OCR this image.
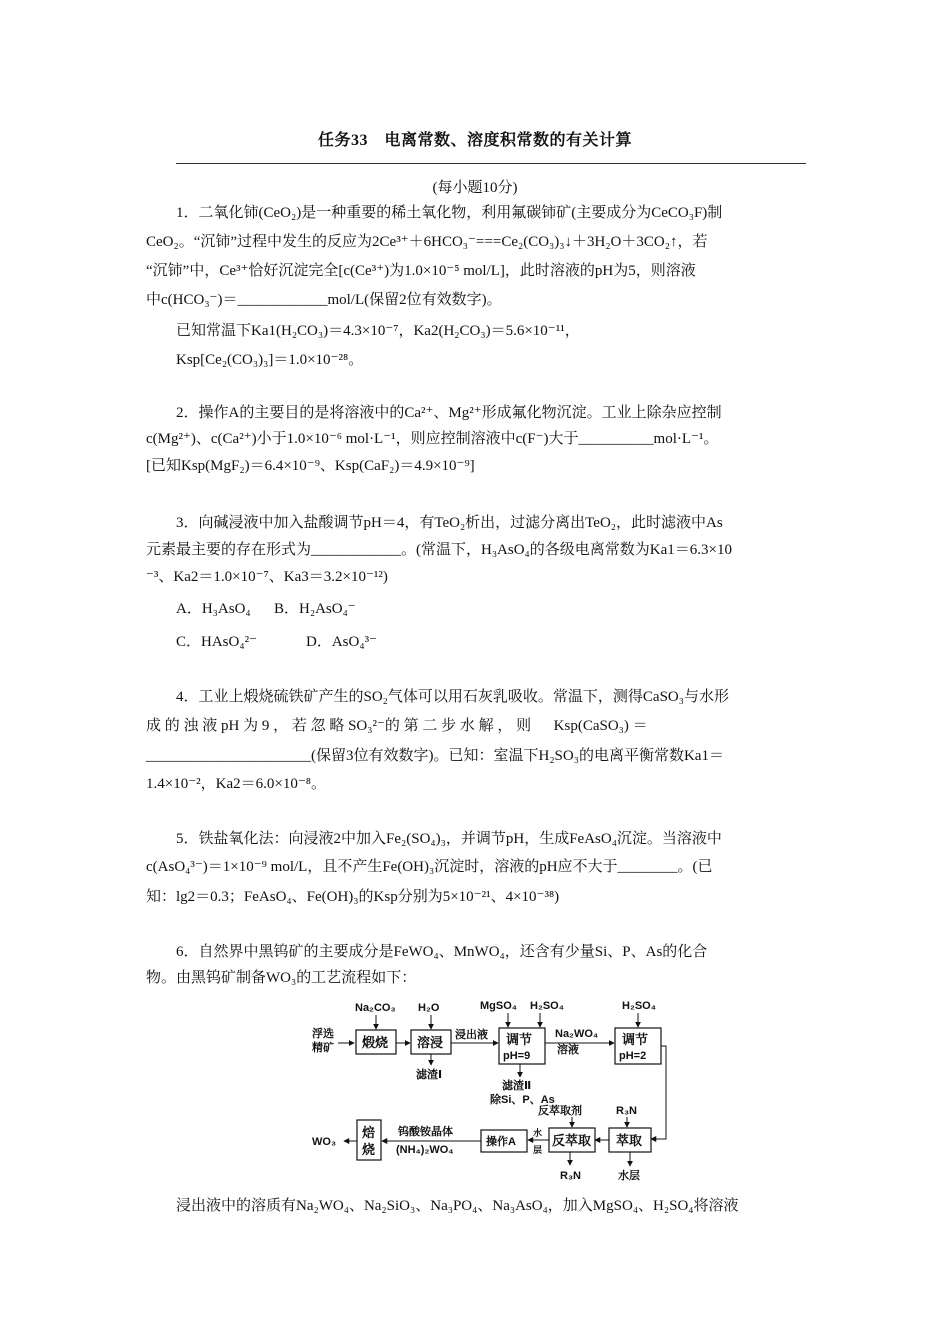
任务33　电离常数、溶度积常数的有关计算
(每小题10分)
1．二氧化铈(CeO₂)是一种重要的稀土氧化物，利用氟碳铈矿(主要成分为CeCO₃F)制
CeO₂。“沉铈”过程中发生的反应为2Ce³⁺＋6HCO₃⁻===Ce₂(CO₃)₃↓＋3H₂O＋3CO₂↑，若
“沉铈”中，Ce³⁺恰好沉淀完全[c(Ce³⁺)为1.0×10⁻⁵ mol/L]，此时溶液的pH为5，则溶液
中c(HCO₃⁻)＝____________mol/L(保留2位有效数字)。
已知常温下Ka1(H₂CO₃)＝4.3×10⁻⁷，Ka2(H₂CO₃)＝5.6×10⁻¹¹，
Ksp[Ce₂(CO₃)₃]＝1.0×10⁻²⁸。
2．操作A的主要目的是将溶液中的Ca²⁺、Mg²⁺形成氟化物沉淀。工业上除杂应控制
c(Mg²⁺)、c(Ca²⁺)小于1.0×10⁻⁶ mol·L⁻¹，则应控制溶液中c(F⁻)大于__________mol·L⁻¹。
[已知Ksp(MgF₂)＝6.4×10⁻⁹、Ksp(CaF₂)＝4.9×10⁻⁹]
3．向碱浸液中加入盐酸调节pH＝4，有TeO₂析出，过滤分离出TeO₂，此时滤液中As
元素最主要的存在形式为____________。(常温下，H₃AsO₄的各级电离常数为Ka1＝6.3×10
⁻³、Ka2＝1.0×10⁻⁷、Ka3＝3.2×10⁻¹²)
A．H₃AsO₄ B．H₂AsO₄⁻
C．HAsO₄²⁻	D．AsO₄³⁻
4．工业上煅烧硫铁矿产生的SO₂气体可以用石灰乳吸收。常温下，测得CaSO₃与水形
成 的 浊 液 pH 为 9 ， 若 忽 略 SO₃²⁻的 第 二 步 水 解 ， 则 　 Ksp(CaSO₃) ＝
______________________(保留3位有效数字)。已知：室温下H₂SO₃的电离平衡常数Ka1＝
1.4×10⁻²，Ka2＝6.0×10⁻⁸。
5．铁盐氧化法：向浸液2中加入Fe₂(SO₄)₃，并调节pH，生成FeAsO₄沉淀。当溶液中
c(AsO₄³⁻)＝1×10⁻⁹ mol/L，且不产生Fe(OH)₃沉淀时，溶液的pH应不大于________。(已
知：lg2＝0.3；FeAsO₄、Fe(OH)₃的Ksp分别为5×10⁻²¹、4×10⁻³⁸)
6．自然界中黑钨矿的主要成分是FeWO₄、MnWO₄，还含有少量Si、P、As的化合
物。由黑钨矿制备WO₃的工艺流程如下：
浮选
精矿
Na₂CO₃
煅烧
H₂O
溶浸
滤渣Ⅰ
浸出液
MgSO₄ H₂SO₄
调节
pH=9
滤渣Ⅱ
除Si、P、As
Na₂WO₄
溶液
H₂SO₄
调节
pH=2
R₃N
萃取
水层
反萃取剂
反萃取
R₃N
水
层
操作A
钨酸铵晶体
(NH₄)₂WO₄
焙
烧
WO₃
浸出液中的溶质有Na₂WO₄、Na₂SiO₃、Na₃PO₄、Na₃AsO₄，加入MgSO₄、H₂SO₄将溶液
